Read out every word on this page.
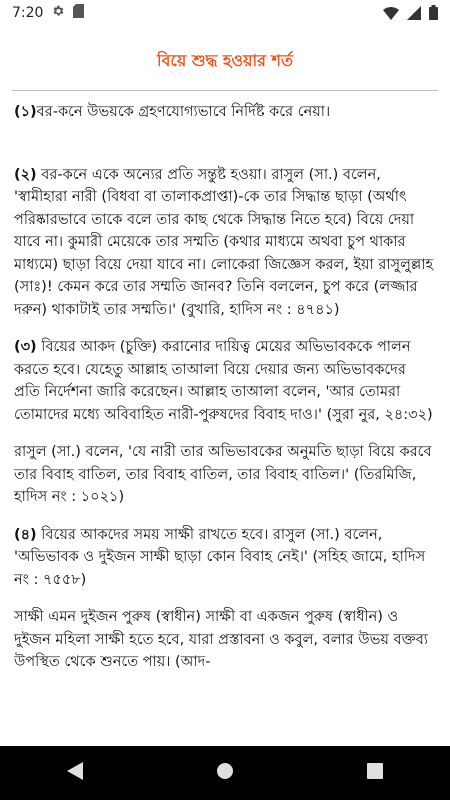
7:20
বিয়ে শুদ্ধ হওয়ার শর্ত

(১)বর-কনে উভয়কে গ্রহণযোগ্যভাবে নির্দিষ্ট করে নেয়া।

(২) বর-কনে একে অন্যের প্রতি সন্তুষ্ট হওয়া। রাসুল (সা.) বলেন, 'স্বামীহারা নারী (বিধবা বা তালাকপ্রাপ্তা)-কে তার সিদ্ধান্ত ছাড়া (অর্থাৎ পরিষ্কারভাবে তাকে বলে তার কাছ থেকে সিদ্ধান্ত নিতে হবে) বিয়ে দেয়া যাবে না। কুমারী মেয়েকে তার সম্মতি (কথার মাধ্যমে অথবা চুপ থাকার মাধ্যমে) ছাড়া বিয়ে দেয়া যাবে না। লোকেরা জিজ্ঞেস করল, ইয়া রাসুলুল্লাহ (সাঃ)! কেমন করে তার সম্মতি জানব? তিনি বললেন, চুপ করে (লজ্জার দরুন) থাকাটাই তার সম্মতি।' (বুখারি, হাদিস নং : ৪৭৪১)

(৩) বিয়ের আকদ (চুক্তি) করানোর দায়িত্ব মেয়ের অভিভাবককে পালন করতে হবে। যেহেতু আল্লাহ তাআলা বিয়ে দেয়ার জন্য অভিভাবকদের প্রতি নির্দেশনা জারি করেছেন। আল্লাহ তাআলা বলেন, 'আর তোমরা তোমাদের মধ্যে অবিবাহিত নারী-পুরুষদের বিবাহ দাও।' (সুরা নুর, ২৪:৩২)

রাসুল (সা.) বলেন, 'যে নারী তার অভিভাবকের অনুমতি ছাড়া বিয়ে করবে তার বিবাহ বাতিল, তার বিবাহ বাতিল, তার বিবাহ বাতিল।' (তিরমিজি, হাদিস নং : ১০২১)

(৪) বিয়ের আকদের সময় সাক্ষী রাখতে হবে। রাসুল (সা.) বলেন, 'অভিভাবক ও দুইজন সাক্ষী ছাড়া কোন বিবাহ নেই।' (সহিহ জামে, হাদিস নং : ৭৫৫৮)

সাক্ষী এমন দুইজন পুরুষ (স্বাধীন) সাক্ষী বা একজন পুরুষ (স্বাধীন) ও দুইজন মহিলা সাক্ষী হতে হবে, যারা প্রস্তাবনা ও কবুল, বলার উভয় বক্তব্য উপস্থিত থেকে শুনতে পায়। (আদ-
